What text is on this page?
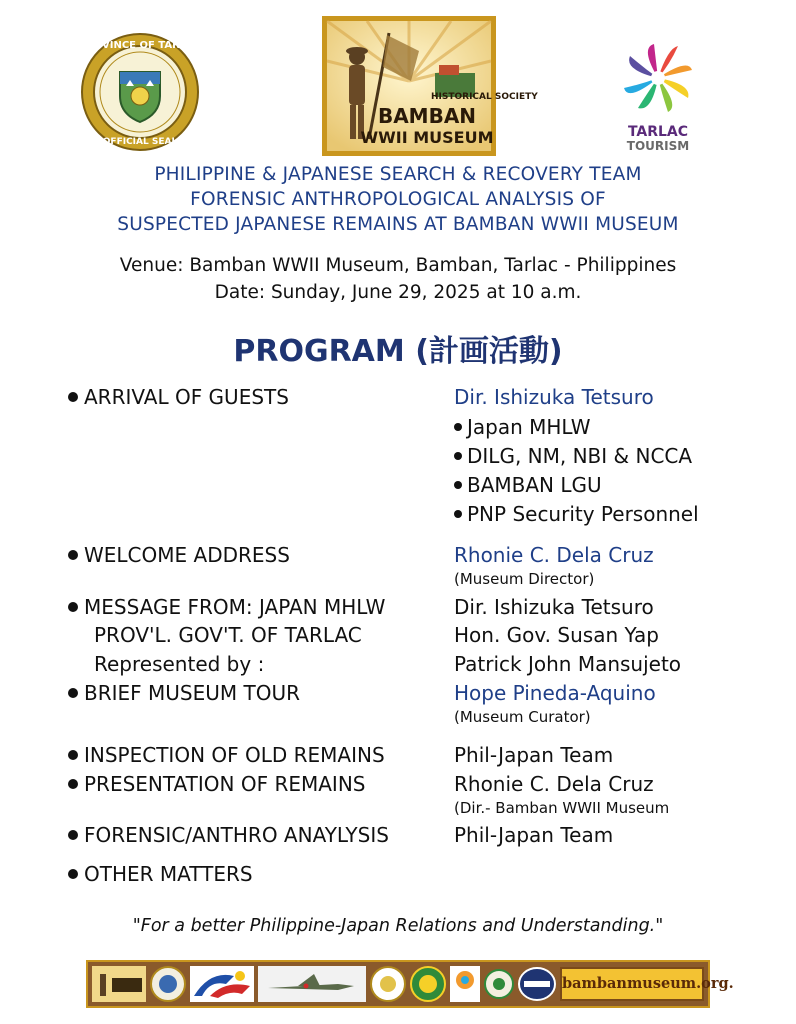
PROVINCE OF TARLAC
OFFICIAL SEAL
HISTORICAL SOCIETY
BAMBAN
WWII MUSEUM	TARLAC
TOURISM
PHILIPPINE & JAPANESE SEARCH & RECOVERY TEAM
FORENSIC ANTHROPOLOGICAL ANALYSIS OF
SUSPECTED JAPANESE REMAINS AT BAMBAN WWII MUSEUM
Venue: Bamban WWII Museum, Bamban, Tarlac - Philippines
Date: Sunday, June 29, 2025 at 10 a.m.
PROGRAM (計画活動)
ARRIVAL OF GUESTS
WELCOME ADDRESS
MESSAGE FROM: JAPAN MHLW
PROV'L. GOV'T. OF TARLAC
Represented by :
BRIEF MUSEUM TOUR
INSPECTION OF OLD REMAINS
PRESENTATION OF REMAINS
FORENSIC/ANTHRO ANAYLYSIS
OTHER MATTERS
Dir. Ishizuka Tetsuro
Japan MHLW
DILG, NM, NBI & NCCA
BAMBAN LGU
PNP Security Personnel
Rhonie C. Dela Cruz
(Museum Director)
Dir. Ishizuka Tetsuro
Hon. Gov. Susan Yap
Patrick John Mansujeto
Hope Pineda-Aquino
(Museum Curator)
Phil-Japan Team
Rhonie C. Dela Cruz
(Dir.- Bamban WWII Museum
Phil-Japan Team
"For a better Philippine-Japan Relations and Understanding."
bambanmuseum.org.
